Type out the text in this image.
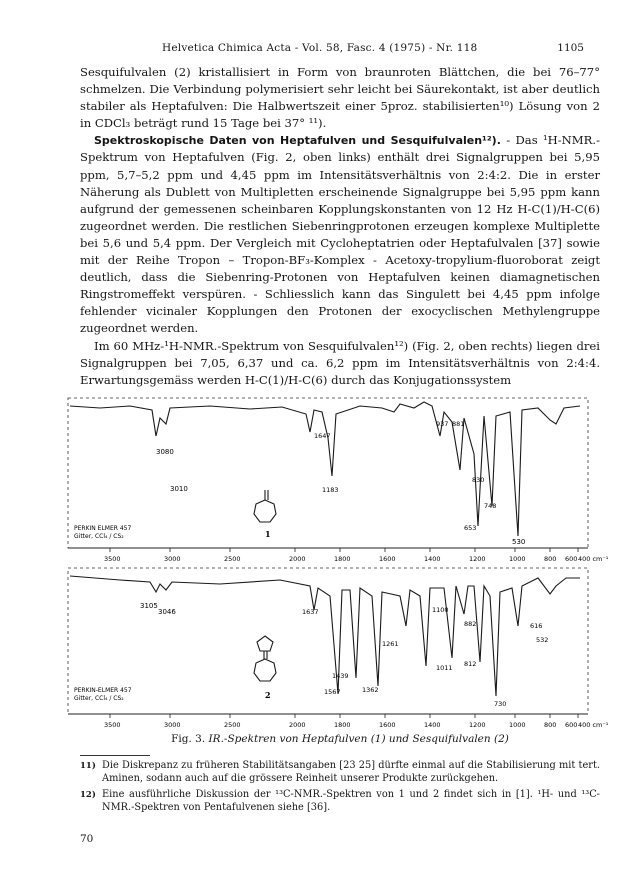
Helvetica Chimica Acta - Vol. 58, Fasc. 4 (1975) - Nr. 118	1105

Sesquifulvalen (2) kristallisiert in Form von braunroten Blättchen, die bei 76–77° schmelzen. Die Verbindung polymerisiert sehr leicht bei Säurekontakt, ist aber deutlich stabiler als Heptafulven: Die Halbwertszeit einer 5proz. stabilisierten¹⁰) Lösung von 2 in CDCl₃ beträgt rund 15 Tage bei 37° ¹¹).

Spektroskopische Daten von Heptafulven und Sesquifulvalen¹²). - Das ¹H-NMR.-Spektrum von Heptafulven (Fig. 2, oben links) enthält drei Signalgruppen bei 5,95 ppm, 5,7–5,2 ppm und 4,45 ppm im Intensitätsverhältnis von 2:4:2. Die in erster Näherung als Dublett von Multipletten erscheinende Signalgruppe bei 5,95 ppm kann aufgrund der gemessenen scheinbaren Kopplungskonstanten von 12 Hz H-C(1)/H-C(6) zugeordnet werden. Die restlichen Siebenringprotonen erzeugen komplexe Multiplette bei 5,6 und 5,4 ppm. Der Vergleich mit Cycloheptatrien oder Heptafulvalen [37] sowie mit der Reihe Tropon – Tropon-BF₃-Komplex - Acetoxy-tropylium-fluoroborat zeigt deutlich, dass die Siebenring-Protonen von Heptafulven keinen diamagnetischen Ringstromeffekt verspüren. - Schliesslich kann das Singulett bei 4,45 ppm infolge fehlender vicinaler Kopplungen den Protonen der exocyclischen Methylengruppe zugeordnet werden.

Im 60 MHz-¹H-NMR.-Spektrum von Sesquifulvalen¹²) (Fig. 2, oben rechts) liegen drei Signalgruppen bei 7,05, 6,37 und ca. 6,2 ppm im Intensitätsverhältnis von 2:4:4. Erwartungsgemäss werden H-C(1)/H-C(6) durch das Konjugationssystem

3080
3010
1647
1183
937 881
830
748
653
530
1
PERKIN ELMER 457
Gitter, CCl₄ / CS₂
3500	3000	2500	2000	1800	1600	1400	1200	1000	800 600 400 cm⁻¹
3105
3046	1637
1439
1567	1362
1261
1100
1011
882
812
730
616
532
2
PERKIN-ELMER 457
Gitter, CCl₄ / CS₂
3500	3000	2500	2000	1800	1600	1400	1200	1000	800 600 400 cm⁻¹
Fig. 3. IR.-Spektren von Heptafulven (1) und Sesquifulvalen (2)
11) Die Diskrepanz zu früheren Stabilitätsangaben [23 25] dürfte einmal auf die Stabilisierung mit tert. Aminen, sodann auch auf die grössere Reinheit unserer Produkte zurückgehen.
12) Eine ausführliche Diskussion der ¹³C-NMR.-Spektren von 1 und 2 findet sich in [1]. ¹H- und ¹³C-NMR.-Spektren von Pentafulvenen siehe [36].
70
